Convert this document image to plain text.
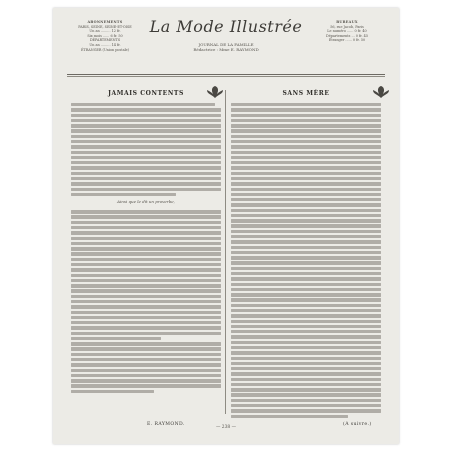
ABONNEMENTS
PARIS, SEINE, SEINE-ET-OISE
Un an ......... 12 fr.
Six mois ...... 6 fr. 50
DÉPARTEMENTS
Un an ......... 14 fr.
ÉTRANGER (Union postale)
La Mode Illustrée
JOURNAL DE LA FAMILLE
Rédactrice : Mme E. RAYMOND
BUREAUX
56, rue Jacob, Paris
Le numéro ...... 0 fr. 40
Départements ... 0 fr. 45
Étranger ...... 0 fr. 50
JAMAIS CONTENTS
Ainsi que le dit un proverbe,
SANS MÈRE
E. RAYMOND.	(A suivre.)
— 238 —
